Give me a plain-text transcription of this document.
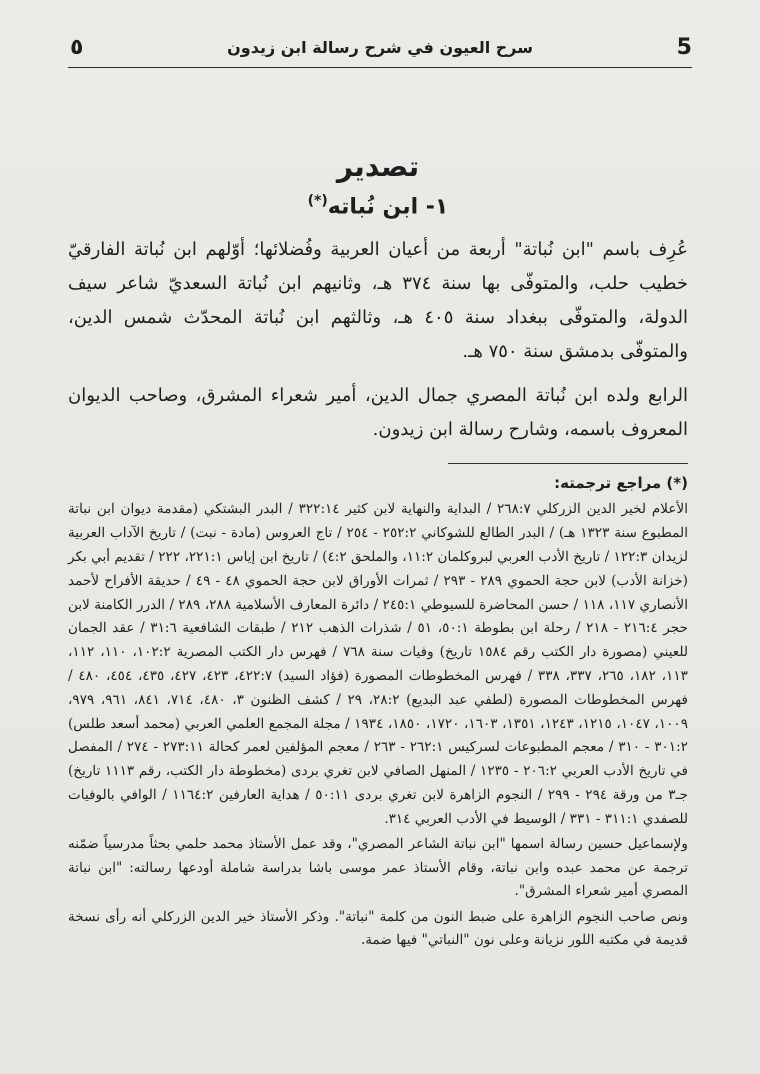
٥	سرح العيون في شرح رسالة ابن زيدون	5
تصدير
١- ابن نُباته(*)

عُرِف باسم "ابن نُباتة" أربعة من أعيان العربية وفُضلائها؛ أوّلهم ابن نُباتة الفارقيّ خطيب حلب، والمتوفّى بها سنة ٣٧٤ هـ، وثانيهم ابن نُباتة السعديّ شاعر سيف الدولة، والمتوفّى ببغداد سنة ٤٠٥ هـ، وثالثهم ابن نُباتة المحدّث شمس الدين، والمتوفّى بدمشق سنة ٧٥٠ هـ.

الرابع ولده ابن نُباتة المصري جمال الدين، أمير شعراء المشرق، وصاحب الديوان المعروف باسمه، وشارح رسالة ابن زيدون.

(*) مراجع ترجمته:

الأعلام لخير الدين الزركلي ٢٦٨:٧ / البداية والنهاية لابن كثير ٣٢٢:١٤ / البدر البشتكي (مقدمة ديوان ابن نباتة المطبوع سنة ١٣٢٣ هـ) / البدر الطالع للشوكاني ٢٥٢:٢ - ٢٥٤ / تاج العروس (مادة - نبت) / تاريخ الآداب العربية لزيدان ١٢٢:٣ / تاريخ الأدب العربي لبروكلمان ١١:٢، والملحق ٤:٢) / تاريخ ابن إياس ٢٢١:١، ٢٢٢ / تقديم أبي بكر (خزانة الأدب) لابن حجة الحموي ٢٨٩ - ٢٩٣ / ثمرات الأوراق لابن حجة الحموي ٤٨ - ٤٩ / حديقة الأفراح لأحمد الأنصاري ١١٧، ١١٨ / حسن المحاضرة للسيوطي ٢٤٥:١ / دائرة المعارف الأسلامية ٢٨٨، ٢٨٩ / الدرر الكامنة لابن حجر ٢١٦:٤ - ٢١٨ / رحلة ابن بطوطة ٥٠:١، ٥١ / شذرات الذهب ٢١٢ / طبقات الشافعية ٣١:٦ / عقد الجمان للعيني (مصورة دار الكتب رقم ١٥٨٤ تاريخ) وفيات سنة ٧٦٨ / فهرس دار الكتب المصرية ١٠٢:٢، ١١٠، ١١٢، ١١٣، ١٨٢، ٢٦٥، ٣٣٧، ٣٣٨ / فهرس المخطوطات المصورة (فؤاد السيد) ٤٢٢:٧، ٤٢٣، ٤٢٧، ٤٣٥، ٤٥٤، ٤٨٠ / فهرس المخطوطات المصورة (لطفي عبد البديع) ٢٨:٢، ٢٩ / كشف الظنون ٣، ٤٨٠، ٧١٤، ٨٤١، ٩٦١، ٩٧٩، ١٠٠٩، ١٠٤٧، ١٢١٥، ١٢٤٣، ١٣٥١، ١٦٠٣، ١٧٢٠، ١٨٥٠، ١٩٣٤ / مجلة المجمع العلمي العربي (محمد أسعد طلس) ٣٠١:٢ - ٣١٠ / معجم المطبوعات لسركيس ٢٦٢:١ - ٢٦٣ / معجم المؤلفين لعمر كحالة ٢٧٣:١١ - ٢٧٤ / المفصل في تاريخ الأدب العربي ٢٠٦:٢ - ١٢٣٥ / المنهل الصافي لابن تغري بردى (مخطوطة دار الكتب، رقم ١١١٣ تاريخ) جـ٣ من ورقة ٢٩٤ - ٢٩٩ / النجوم الزاهرة لابن تغري بردى ٥٠:١١ / هداية العارفين ١١٦٤:٢ / الوافي بالوفيات للصفدي ٣١١:١ - ٣٣١ / الوسيط في الأدب العربي ٣١٤.

ولإسماعيل حسين رسالة اسمها "ابن نباتة الشاعر المصري"، وقد عمل الأستاذ محمد حلمي بحثاً مدرسياً ضمّنه ترجمة عن محمد عبده وابن نباتة، وقام الأستاذ عمر موسى باشا بدراسة شاملة أودعها رسالته: "ابن نباتة المصري أمير شعراء المشرق".

ونص صاحب النجوم الزاهرة على ضبط النون من كلمة "نباتة". وذكر الأستاذ خير الدين الزركلي أنه رأى نسخة قديمة في مكتبه اللور نزيانة وعلى نون "النباتي" فيها ضمة.
